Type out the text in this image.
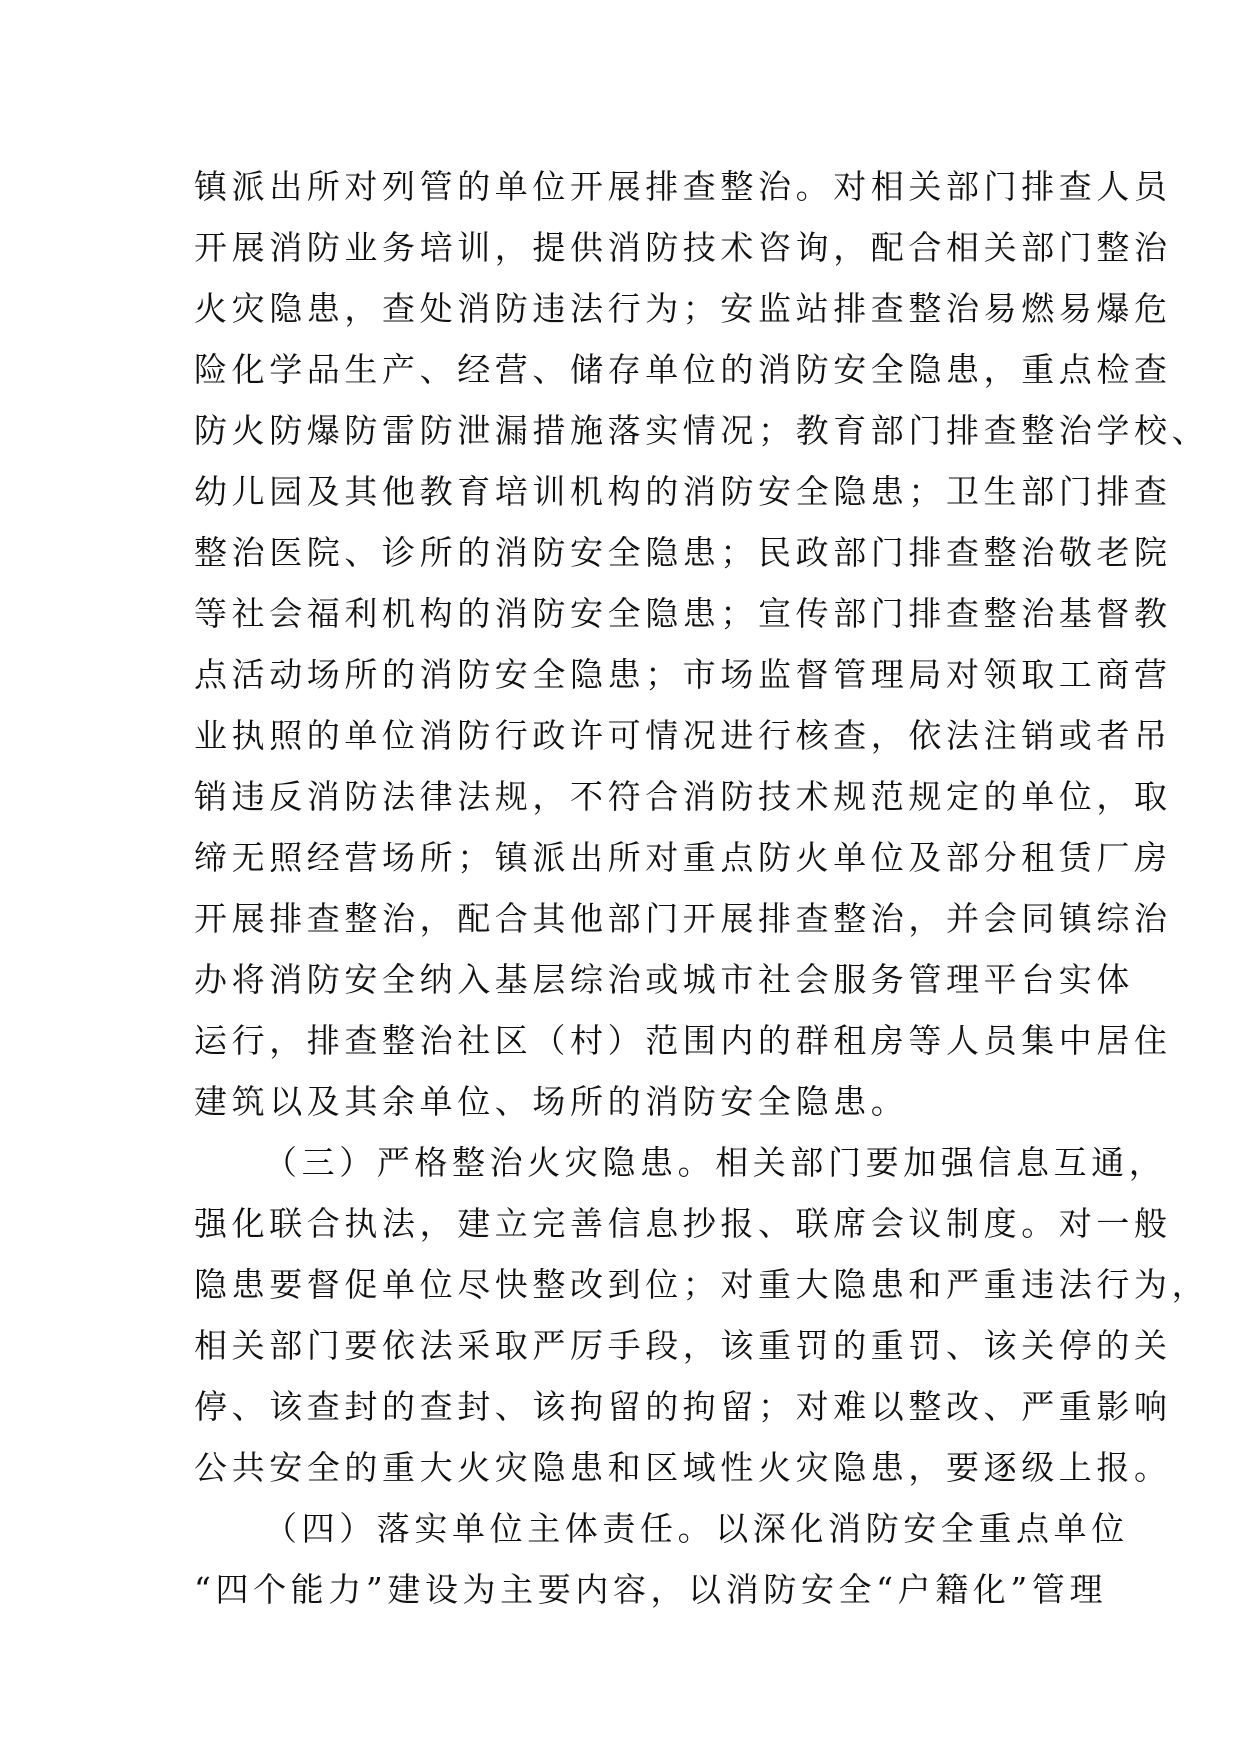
镇派出所对列管的单位开展排查整治。对相关部门排查人员
开展消防业务培训，提供消防技术咨询，配合相关部门整治
火灾隐患，查处消防违法行为；安监站排查整治易燃易爆危
险化学品生产、经营、储存单位的消防安全隐患，重点检查
防火防爆防雷防泄漏措施落实情况；教育部门排查整治学校、
幼儿园及其他教育培训机构的消防安全隐患；卫生部门排查
整治医院、诊所的消防安全隐患；民政部门排查整治敬老院
等社会福利机构的消防安全隐患；宣传部门排查整治基督教
点活动场所的消防安全隐患；市场监督管理局对领取工商营
业执照的单位消防行政许可情况进行核查，依法注销或者吊
销违反消防法律法规，不符合消防技术规范规定的单位，取
缔无照经营场所；镇派出所对重点防火单位及部分租赁厂房
开展排查整治，配合其他部门开展排查整治，并会同镇综治
办将消防安全纳入基层综治或城市社会服务管理平台实体
运行，排查整治社区（村）范围内的群租房等人员集中居住
建筑以及其余单位、场所的消防安全隐患。
（三）严格整治火灾隐患。相关部门要加强信息互通，
强化联合执法，建立完善信息抄报、联席会议制度。对一般
隐患要督促单位尽快整改到位；对重大隐患和严重违法行为，
相关部门要依法采取严厉手段，该重罚的重罚、该关停的关
停、该查封的查封、该拘留的拘留；对难以整改、严重影响
公共安全的重大火灾隐患和区域性火灾隐患，要逐级上报。
（四）落实单位主体责任。以深化消防安全重点单位
“四个能力”建设为主要内容，以消防安全“户籍化”管理
